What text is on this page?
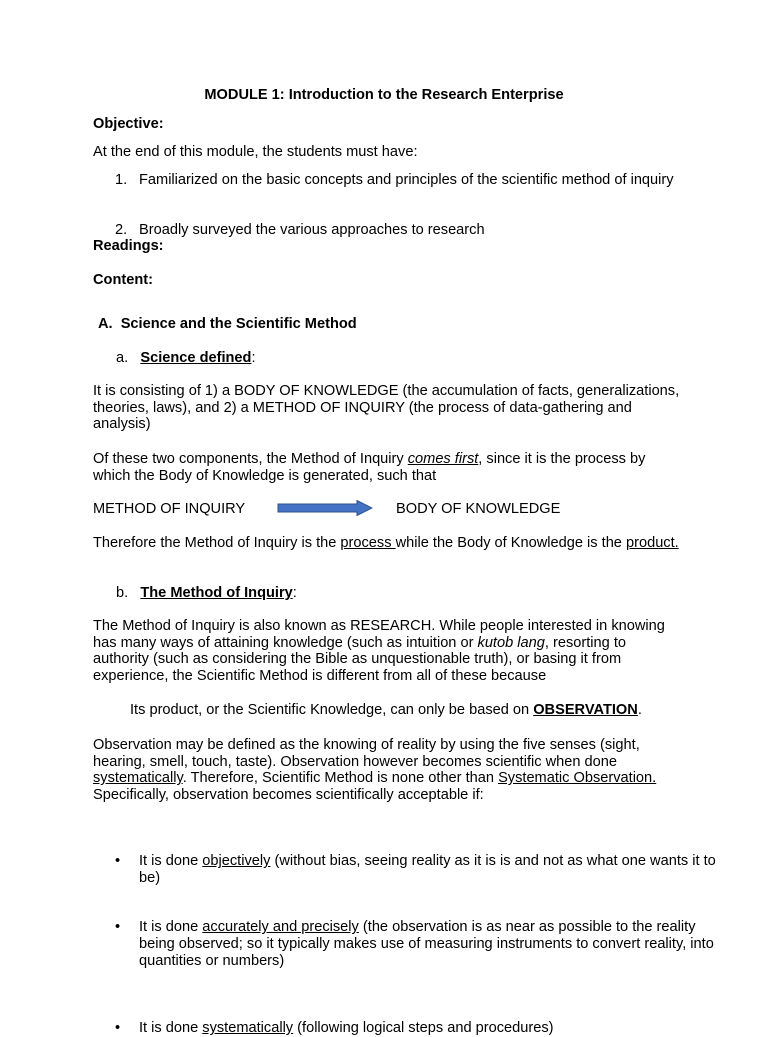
MODULE 1: Introduction to the Research Enterprise
Objective:
At the end of this module, the students must have:
1. Familiarized on the basic concepts and principles of the scientific method of inquiry
2. Broadly surveyed the various approaches to research
Readings:
Content:
A. Science and the Scientific Method
a. Science defined:
It is consisting of 1) a BODY OF KNOWLEDGE (the accumulation of facts, generalizations, theories, laws), and 2) a METHOD OF INQUIRY (the process of data-gathering and analysis)
Of these two components, the Method of Inquiry comes first, since it is the process by which the Body of Knowledge is generated, such that
METHOD OF INQUIRY	BODY OF KNOWLEDGE
Therefore the Method of Inquiry is the process while the Body of Knowledge is the product.
b. The Method of Inquiry:
The Method of Inquiry is also known as RESEARCH. While people interested in knowing has many ways of attaining knowledge (such as intuition or kutob lang, resorting to authority (such as considering the Bible as unquestionable truth), or basing it from experience, the Scientific Method is different from all of these because
Its product, or the Scientific Knowledge, can only be based on OBSERVATION.
Observation may be defined as the knowing of reality by using the five senses (sight, hearing, smell, touch, taste). Observation however becomes scientific when done systematically. Therefore, Scientific Method is none other than Systematic Observation. Specifically, observation becomes scientifically acceptable if:
• It is done objectively (without bias, seeing reality as it is is and not as what one wants it to be)
• It is done accurately and precisely (the observation is as near as possible to the reality being observed; so it typically makes use of measuring instruments to convert reality, into quantities or numbers)
• It is done systematically (following logical steps and procedures)
